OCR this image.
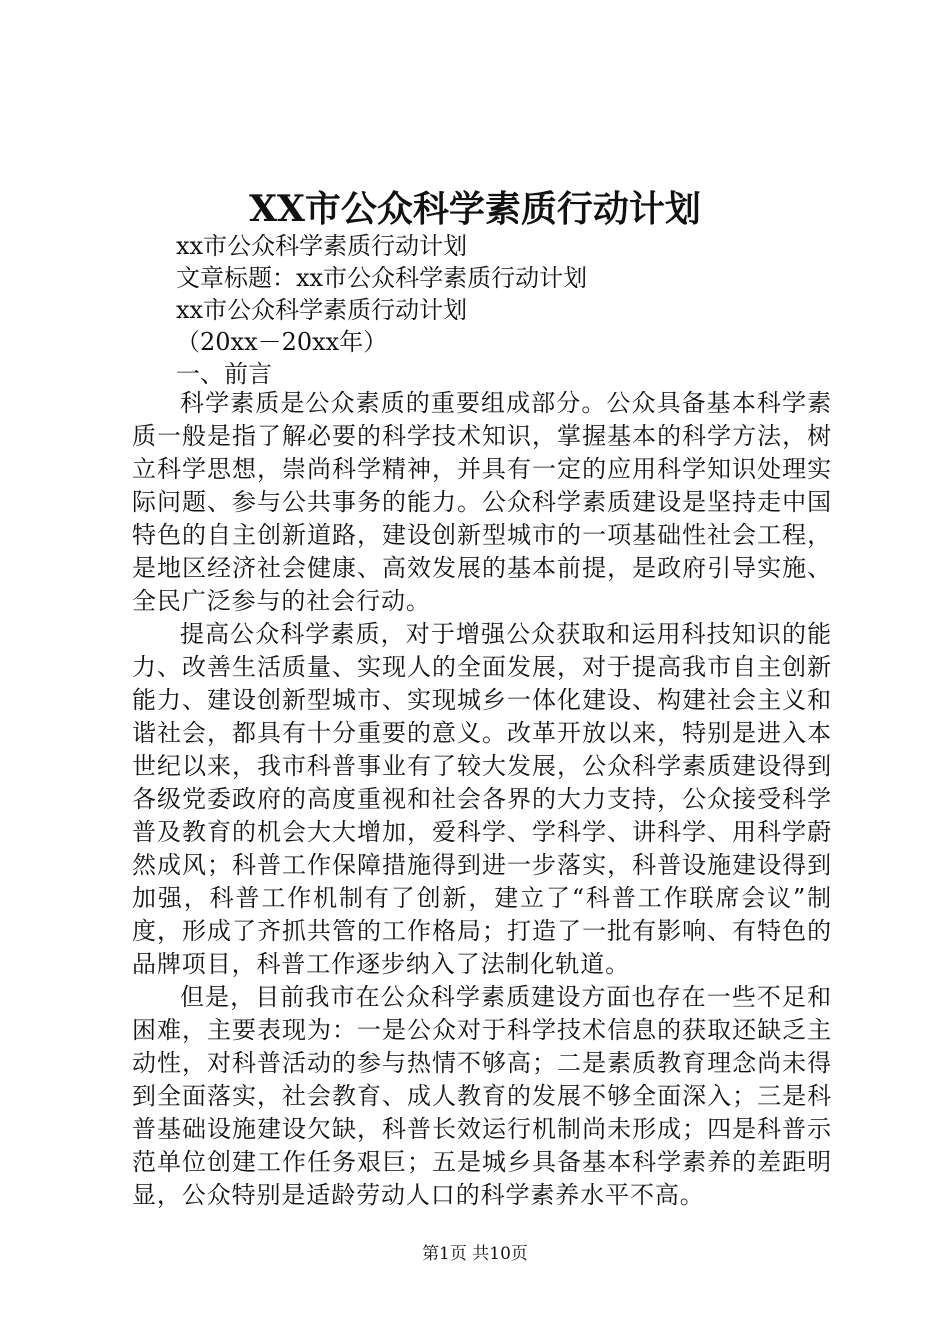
XX市公众科学素质行动计划

xx市公众科学素质行动计划

文章标题：xx市公众科学素质行动计划

xx市公众科学素质行动计划

（20xx－20xx年）

一、前言

科学素质是公众素质的重要组成部分。公众具备基本科学素质一般是指了解必要的科学技术知识，掌握基本的科学方法，树立科学思想，崇尚科学精神，并具有一定的应用科学知识处理实际问题、参与公共事务的能力。公众科学素质建设是坚持走中国特色的自主创新道路，建设创新型城市的一项基础性社会工程，是地区经济社会健康、高效发展的基本前提，是政府引导实施、全民广泛参与的社会行动。

提高公众科学素质，对于增强公众获取和运用科技知识的能力、改善生活质量、实现人的全面发展，对于提高我市自主创新能力、建设创新型城市、实现城乡一体化建设、构建社会主义和谐社会，都具有十分重要的意义。改革开放以来，特别是进入本世纪以来，我市科普事业有了较大发展，公众科学素质建设得到各级党委政府的高度重视和社会各界的大力支持，公众接受科学普及教育的机会大大增加，爱科学、学科学、讲科学、用科学蔚然成风；科普工作保障措施得到进一步落实，科普设施建设得到加强，科普工作机制有了创新，建立了“科普工作联席会议”制度，形成了齐抓共管的工作格局；打造了一批有影响、有特色的品牌项目，科普工作逐步纳入了法制化轨道。

但是，目前我市在公众科学素质建设方面也存在一些不足和困难，主要表现为：一是公众对于科学技术信息的获取还缺乏主动性，对科普活动的参与热情不够高；二是素质教育理念尚未得到全面落实，社会教育、成人教育的发展不够全面深入；三是科普基础设施建设欠缺，科普长效运行机制尚未形成；四是科普示范单位创建工作任务艰巨；五是城乡具备基本科学素养的差距明显，公众特别是适龄劳动人口的科学素养水平不高。

第1页 共10页
